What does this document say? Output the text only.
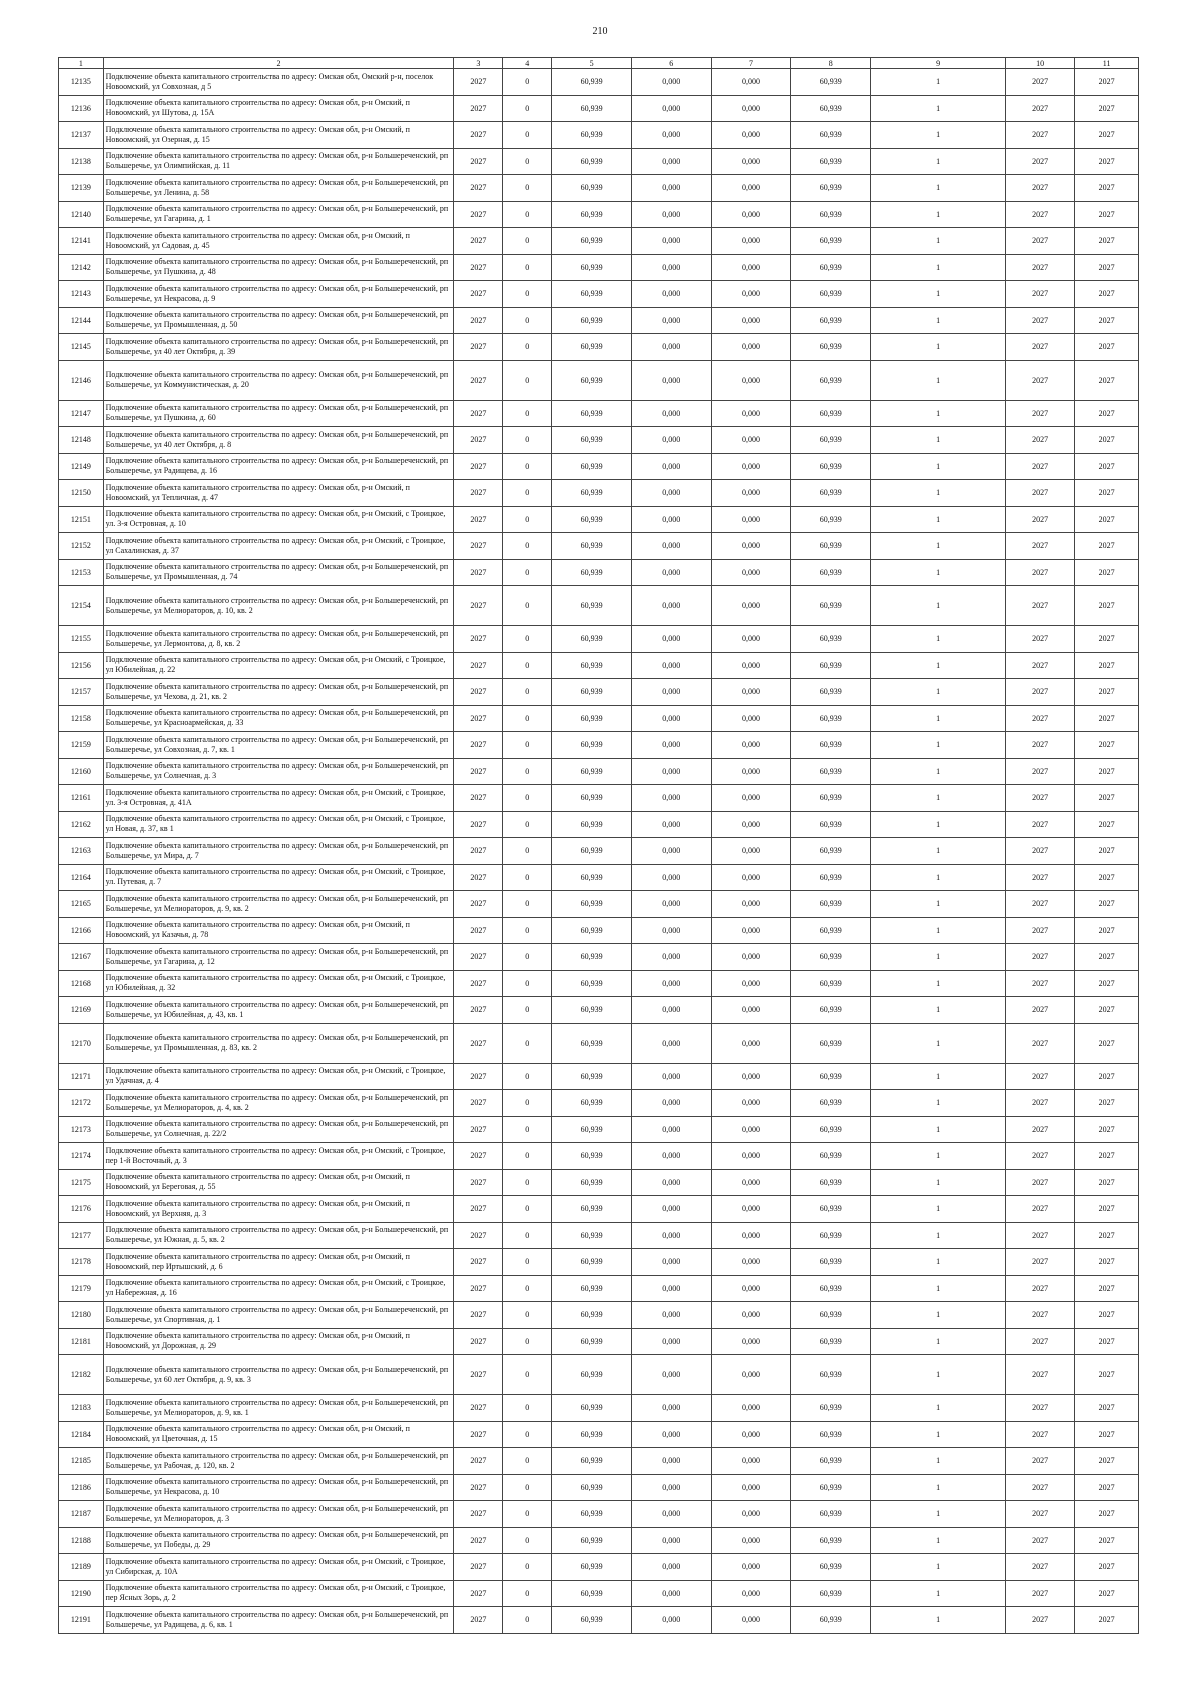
210
1	2	3	4	5	6	7	8	9	10	11
12135	Подключение объекта капитального строительства по адресу: Омская обл, Омский р-н, поселок Новоомский, ул Совхозная, д 5	2027	0	60,939	0,000	0,000	60,939	1	2027	2027
12136	Подключение объекта капитального строительства по адресу: Омская обл, р-н Омский, п Новоомский, ул Шутова, д. 15А	2027	0	60,939	0,000	0,000	60,939	1	2027	2027
12137	Подключение объекта капитального строительства по адресу: Омская обл, р-н Омский, п Новоомский, ул Озерная, д. 15	2027	0	60,939	0,000	0,000	60,939	1	2027	2027
12138	Подключение объекта капитального строительства по адресу: Омская обл, р-н Большереченский, рп Большеречье, ул Олимпийская, д. 11	2027	0	60,939	0,000	0,000	60,939	1	2027	2027
12139	Подключение объекта капитального строительства по адресу: Омская обл, р-н Большереченский, рп Большеречье, ул Ленина, д. 58	2027	0	60,939	0,000	0,000	60,939	1	2027	2027
12140	Подключение объекта капитального строительства по адресу: Омская обл, р-н Большереченский, рп Большеречье, ул Гагарина, д. 1	2027	0	60,939	0,000	0,000	60,939	1	2027	2027
12141	Подключение объекта капитального строительства по адресу: Омская обл, р-н Омский, п Новоомский, ул Садовая, д. 45	2027	0	60,939	0,000	0,000	60,939	1	2027	2027
12142	Подключение объекта капитального строительства по адресу: Омская обл, р-н Большереченский, рп Большеречье, ул Пушкина, д. 48	2027	0	60,939	0,000	0,000	60,939	1	2027	2027
12143	Подключение объекта капитального строительства по адресу: Омская обл, р-н Большереченский, рп Большеречье, ул Некрасова, д. 9	2027	0	60,939	0,000	0,000	60,939	1	2027	2027
12144	Подключение объекта капитального строительства по адресу: Омская обл, р-н Большереченский, рп Большеречье, ул Промышленная, д. 50	2027	0	60,939	0,000	0,000	60,939	1	2027	2027
12145	Подключение объекта капитального строительства по адресу: Омская обл, р-н Большереченский, рп Большеречье, ул 40 лет Октября, д. 39	2027	0	60,939	0,000	0,000	60,939	1	2027	2027
12146	Подключение объекта капитального строительства по адресу: Омская обл, р-н Большереченский, рп Большеречье, ул Коммунистическая, д. 20	2027	0	60,939	0,000	0,000	60,939	1	2027	2027
12147	Подключение объекта капитального строительства по адресу: Омская обл, р-н Большереченский, рп Большеречье, ул Пушкина, д. 60	2027	0	60,939	0,000	0,000	60,939	1	2027	2027
12148	Подключение объекта капитального строительства по адресу: Омская обл, р-н Большереченский, рп Большеречье, ул 40 лет Октября, д. 8	2027	0	60,939	0,000	0,000	60,939	1	2027	2027
12149	Подключение объекта капитального строительства по адресу: Омская обл, р-н Большереченский, рп Большеречье, ул Радищева, д. 16	2027	0	60,939	0,000	0,000	60,939	1	2027	2027
12150	Подключение объекта капитального строительства по адресу: Омская обл, р-н Омский, п Новоомский, ул Тепличная, д. 47	2027	0	60,939	0,000	0,000	60,939	1	2027	2027
12151	Подключение объекта капитального строительства по адресу: Омская обл, р-н Омский, с Троицкое, ул. 3-я Островная, д. 10	2027	0	60,939	0,000	0,000	60,939	1	2027	2027
12152	Подключение объекта капитального строительства по адресу: Омская обл, р-н Омский, с Троицкое, ул Сахалинская, д. 37	2027	0	60,939	0,000	0,000	60,939	1	2027	2027
12153	Подключение объекта капитального строительства по адресу: Омская обл, р-н Большереченский, рп Большеречье, ул Промышленная, д. 74	2027	0	60,939	0,000	0,000	60,939	1	2027	2027
12154	Подключение объекта капитального строительства по адресу: Омская обл, р-н Большереченский, рп Большеречье, ул Мелиораторов, д. 10, кв. 2	2027	0	60,939	0,000	0,000	60,939	1	2027	2027
12155	Подключение объекта капитального строительства по адресу: Омская обл, р-н Большереченский, рп Большеречье, ул Лермонтова, д. 8, кв. 2	2027	0	60,939	0,000	0,000	60,939	1	2027	2027
12156	Подключение объекта капитального строительства по адресу: Омская обл, р-н Омский, с Троицкое, ул Юбилейная, д. 22	2027	0	60,939	0,000	0,000	60,939	1	2027	2027
12157	Подключение объекта капитального строительства по адресу: Омская обл, р-н Большереченский, рп Большеречье, ул Чехова, д. 21, кв. 2	2027	0	60,939	0,000	0,000	60,939	1	2027	2027
12158	Подключение объекта капитального строительства по адресу: Омская обл, р-н Большереченский, рп Большеречье, ул Красноармейская, д. 33	2027	0	60,939	0,000	0,000	60,939	1	2027	2027
12159	Подключение объекта капитального строительства по адресу: Омская обл, р-н Большереченский, рп Большеречье, ул Совхозная, д. 7, кв. 1	2027	0	60,939	0,000	0,000	60,939	1	2027	2027
12160	Подключение объекта капитального строительства по адресу: Омская обл, р-н Большереченский, рп Большеречье, ул Солнечная, д. 3	2027	0	60,939	0,000	0,000	60,939	1	2027	2027
12161	Подключение объекта капитального строительства по адресу: Омская обл, р-н Омский, с Троицкое, ул. 3-я Островная, д. 41А	2027	0	60,939	0,000	0,000	60,939	1	2027	2027
12162	Подключение объекта капитального строительства по адресу: Омская обл, р-н Омский, с Троицкое, ул Новая, д. 37, кв 1	2027	0	60,939	0,000	0,000	60,939	1	2027	2027
12163	Подключение объекта капитального строительства по адресу: Омская обл, р-н Большереченский, рп Большеречье, ул Мира, д. 7	2027	0	60,939	0,000	0,000	60,939	1	2027	2027
12164	Подключение объекта капитального строительства по адресу: Омская обл, р-н Омский, с Троицкое, ул. Путевая, д. 7	2027	0	60,939	0,000	0,000	60,939	1	2027	2027
12165	Подключение объекта капитального строительства по адресу: Омская обл, р-н Большереченский, рп Большеречье, ул Мелиораторов, д. 9, кв. 2	2027	0	60,939	0,000	0,000	60,939	1	2027	2027
12166	Подключение объекта капитального строительства по адресу: Омская обл, р-н Омский, п Новоомский, ул Казачья, д. 78	2027	0	60,939	0,000	0,000	60,939	1	2027	2027
12167	Подключение объекта капитального строительства по адресу: Омская обл, р-н Большереченский, рп Большеречье, ул Гагарина, д. 12	2027	0	60,939	0,000	0,000	60,939	1	2027	2027
12168	Подключение объекта капитального строительства по адресу: Омская обл, р-н Омский, с Троицкое, ул Юбилейная, д. 32	2027	0	60,939	0,000	0,000	60,939	1	2027	2027
12169	Подключение объекта капитального строительства по адресу: Омская обл, р-н Большереченский, рп Большеречье, ул Юбилейная, д. 43, кв. 1	2027	0	60,939	0,000	0,000	60,939	1	2027	2027
12170	Подключение объекта капитального строительства по адресу: Омская обл, р-н Большереченский, рп Большеречье, ул Промышленная, д. 83, кв. 2	2027	0	60,939	0,000	0,000	60,939	1	2027	2027
12171	Подключение объекта капитального строительства по адресу: Омская обл, р-н Омский, с Троицкое, ул Удачная, д. 4	2027	0	60,939	0,000	0,000	60,939	1	2027	2027
12172	Подключение объекта капитального строительства по адресу: Омская обл, р-н Большереченский, рп Большеречье, ул Мелиораторов, д. 4, кв. 2	2027	0	60,939	0,000	0,000	60,939	1	2027	2027
12173	Подключение объекта капитального строительства по адресу: Омская обл, р-н Большереченский, рп Большеречье, ул Солнечная, д. 22/2	2027	0	60,939	0,000	0,000	60,939	1	2027	2027
12174	Подключение объекта капитального строительства по адресу: Омская обл, р-н Омский, с Троицкое, пер 1-й Восточный, д. 3	2027	0	60,939	0,000	0,000	60,939	1	2027	2027
12175	Подключение объекта капитального строительства по адресу: Омская обл, р-н Омский, п Новоомский, ул Береговая, д. 55	2027	0	60,939	0,000	0,000	60,939	1	2027	2027
12176	Подключение объекта капитального строительства по адресу: Омская обл, р-н Омский, п Новоомский, ул Верхняя, д. 3	2027	0	60,939	0,000	0,000	60,939	1	2027	2027
12177	Подключение объекта капитального строительства по адресу: Омская обл, р-н Большереченский, рп Большеречье, ул Южная, д. 5, кв. 2	2027	0	60,939	0,000	0,000	60,939	1	2027	2027
12178	Подключение объекта капитального строительства по адресу: Омская обл, р-н Омский, п Новоомский, пер Иртышский, д. 6	2027	0	60,939	0,000	0,000	60,939	1	2027	2027
12179	Подключение объекта капитального строительства по адресу: Омская обл, р-н Омский, с Троицкое, ул Набережная, д. 16	2027	0	60,939	0,000	0,000	60,939	1	2027	2027
12180	Подключение объекта капитального строительства по адресу: Омская обл, р-н Большереченский, рп Большеречье, ул Спортивная, д. 1	2027	0	60,939	0,000	0,000	60,939	1	2027	2027
12181	Подключение объекта капитального строительства по адресу: Омская обл, р-н Омский, п Новоомский, ул Дорожная, д. 29	2027	0	60,939	0,000	0,000	60,939	1	2027	2027
12182	Подключение объекта капитального строительства по адресу: Омская обл, р-н Большереченский, рп Большеречье, ул 60 лет Октября, д. 9, кв. 3	2027	0	60,939	0,000	0,000	60,939	1	2027	2027
12183	Подключение объекта капитального строительства по адресу: Омская обл, р-н Большереченский, рп Большеречье, ул Мелиораторов, д. 9, кв. 1	2027	0	60,939	0,000	0,000	60,939	1	2027	2027
12184	Подключение объекта капитального строительства по адресу: Омская обл, р-н Омский, п Новоомский, ул Цветочная, д. 15	2027	0	60,939	0,000	0,000	60,939	1	2027	2027
12185	Подключение объекта капитального строительства по адресу: Омская обл, р-н Большереченский, рп Большеречье, ул Рабочая, д. 120, кв. 2	2027	0	60,939	0,000	0,000	60,939	1	2027	2027
12186	Подключение объекта капитального строительства по адресу: Омская обл, р-н Большереченский, рп Большеречье, ул Некрасова, д. 10	2027	0	60,939	0,000	0,000	60,939	1	2027	2027
12187	Подключение объекта капитального строительства по адресу: Омская обл, р-н Большереченский, рп Большеречье, ул Мелиораторов, д. 3	2027	0	60,939	0,000	0,000	60,939	1	2027	2027
12188	Подключение объекта капитального строительства по адресу: Омская обл, р-н Большереченский, рп Большеречье, ул Победы, д. 29	2027	0	60,939	0,000	0,000	60,939	1	2027	2027
12189	Подключение объекта капитального строительства по адресу: Омская обл, р-н Омский, с Троицкое, ул Сибирская, д. 10А	2027	0	60,939	0,000	0,000	60,939	1	2027	2027
12190	Подключение объекта капитального строительства по адресу: Омская обл, р-н Омский, с Троицкое, пер Ясных Зорь, д. 2	2027	0	60,939	0,000	0,000	60,939	1	2027	2027
12191	Подключение объекта капитального строительства по адресу: Омская обл, р-н Большереченский, рп Большеречье, ул Радищева, д. 6, кв. 1	2027	0	60,939	0,000	0,000	60,939	1	2027	2027
